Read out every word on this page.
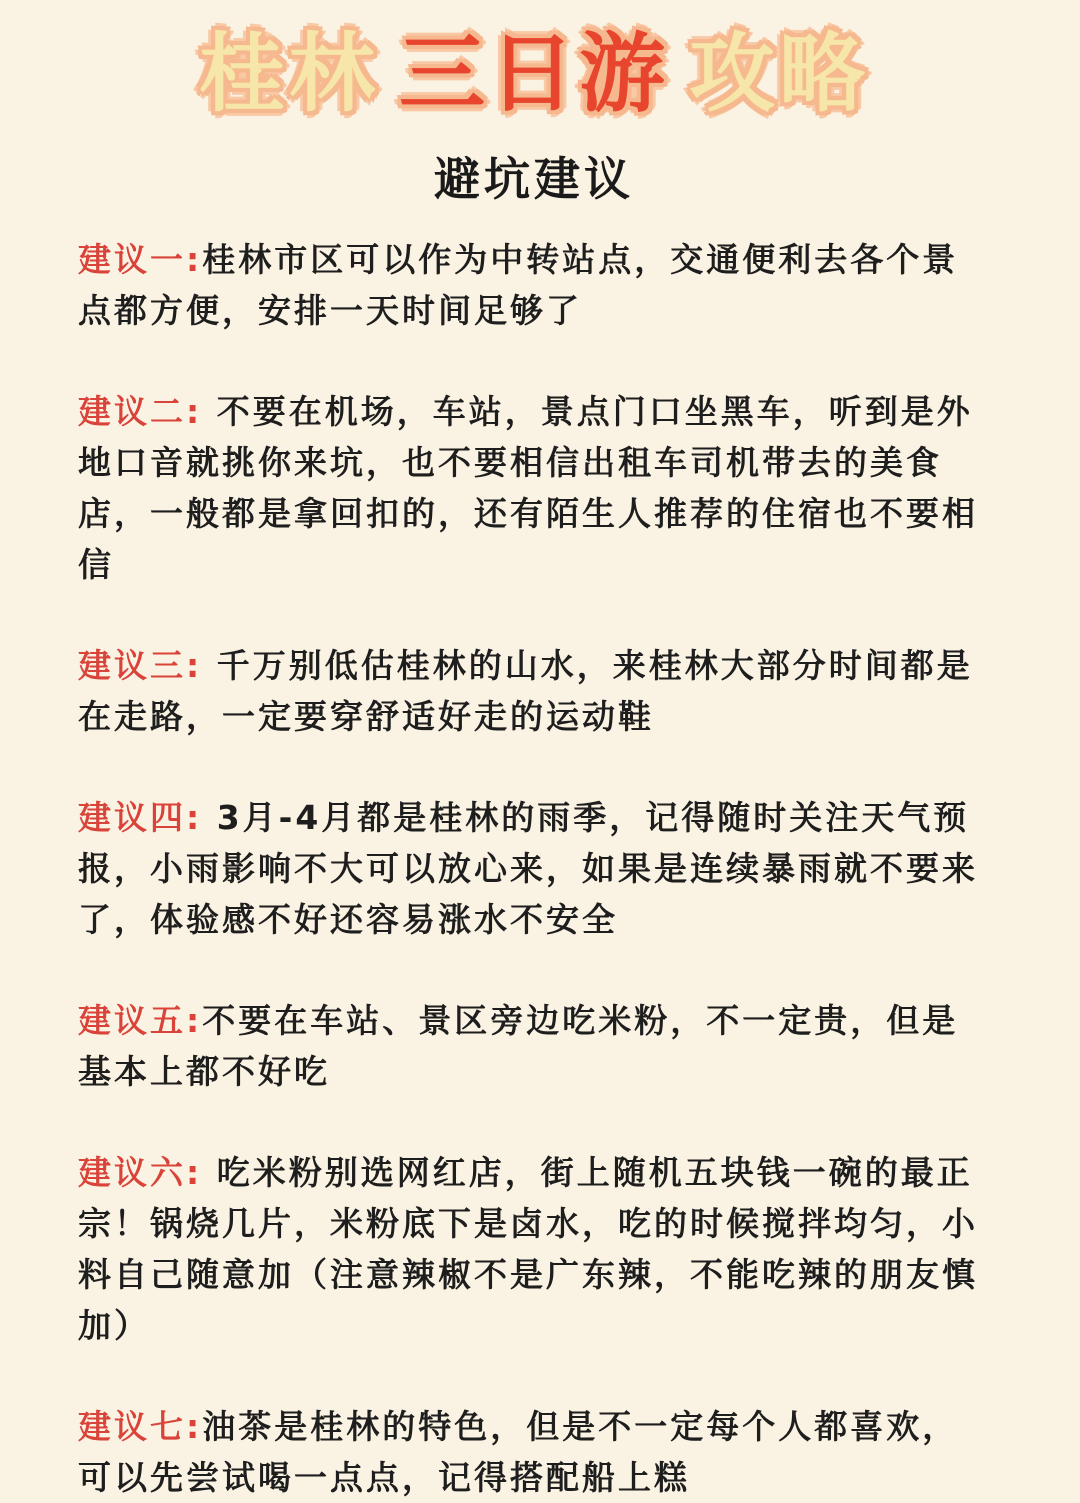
桂林 三日游 攻略
避坑建议

建议一:桂林市区可以作为中转站点，交通便利去各个景点都方便，安排一天时间足够了

建议二: 不要在机场，车站，景点门口坐黑车，听到是外地口音就挑你来坑，也不要相信出租车司机带去的美食店，一般都是拿回扣的，还有陌生人推荐的住宿也不要相信

建议三: 千万别低估桂林的山水，来桂林大部分时间都是在走路，一定要穿舒适好走的运动鞋

建议四: 3月-4月都是桂林的雨季，记得随时关注天气预报，小雨影响不大可以放心来，如果是连续暴雨就不要来了，体验感不好还容易涨水不安全

建议五:不要在车站、景区旁边吃米粉，不一定贵，但是基本上都不好吃

建议六: 吃米粉别选网红店，街上随机五块钱一碗的最正宗！锅烧几片，米粉底下是卤水，吃的时候搅拌均匀，小料自己随意加（注意辣椒不是广东辣，不能吃辣的朋友慎加）

建议七:油茶是桂林的特色，但是不一定每个人都喜欢，可以先尝试喝一点点，记得搭配船上糕
